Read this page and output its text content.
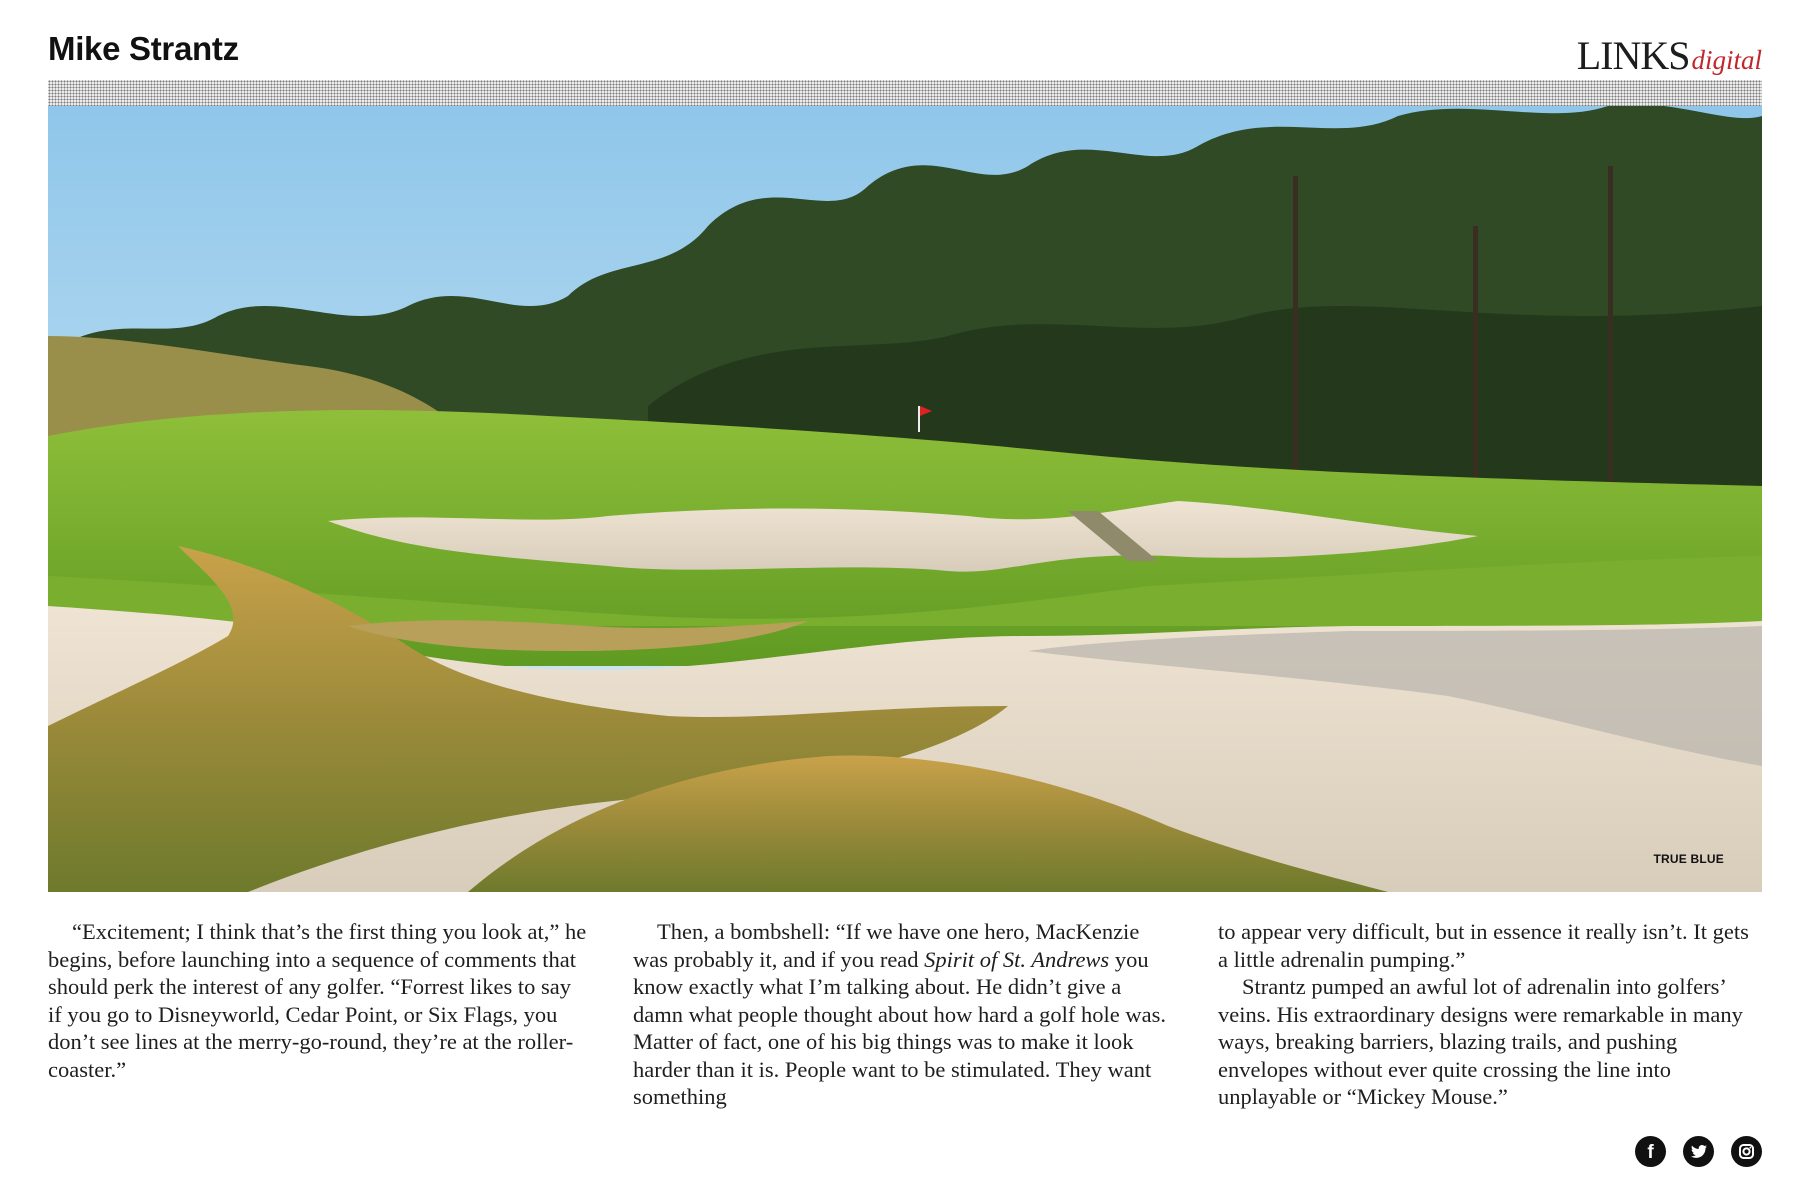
Mike Strantz	LINKSdigital
TRUE BLUE

“Excitement; I think that’s the first thing you look at,” he begins, before launching into a sequence of comments that should perk the interest of any golfer. “Forrest likes to say if you go to Disneyworld, Cedar Point, or Six Flags, you don’t see lines at the merry-go-round, they’re at the roller-coaster.”

Then, a bombshell: “If we have one hero, MacKenzie was probably it, and if you read Spirit of St. Andrews you know exactly what I’m talking about. He didn’t give a damn what people thought about how hard a golf hole was. Matter of fact, one of his big things was to make it look harder than it is. People want to be stimulated. They want something

to appear very difficult, but in essence it really isn’t. It gets a little adrenalin pumping.”

Strantz pumped an awful lot of adrenalin into golfers’ veins. His extraordinary designs were remarkable in many ways, breaking barriers, blazing trails, and pushing envelopes without ever quite crossing the line into unplayable or “Mickey Mouse.”

f
